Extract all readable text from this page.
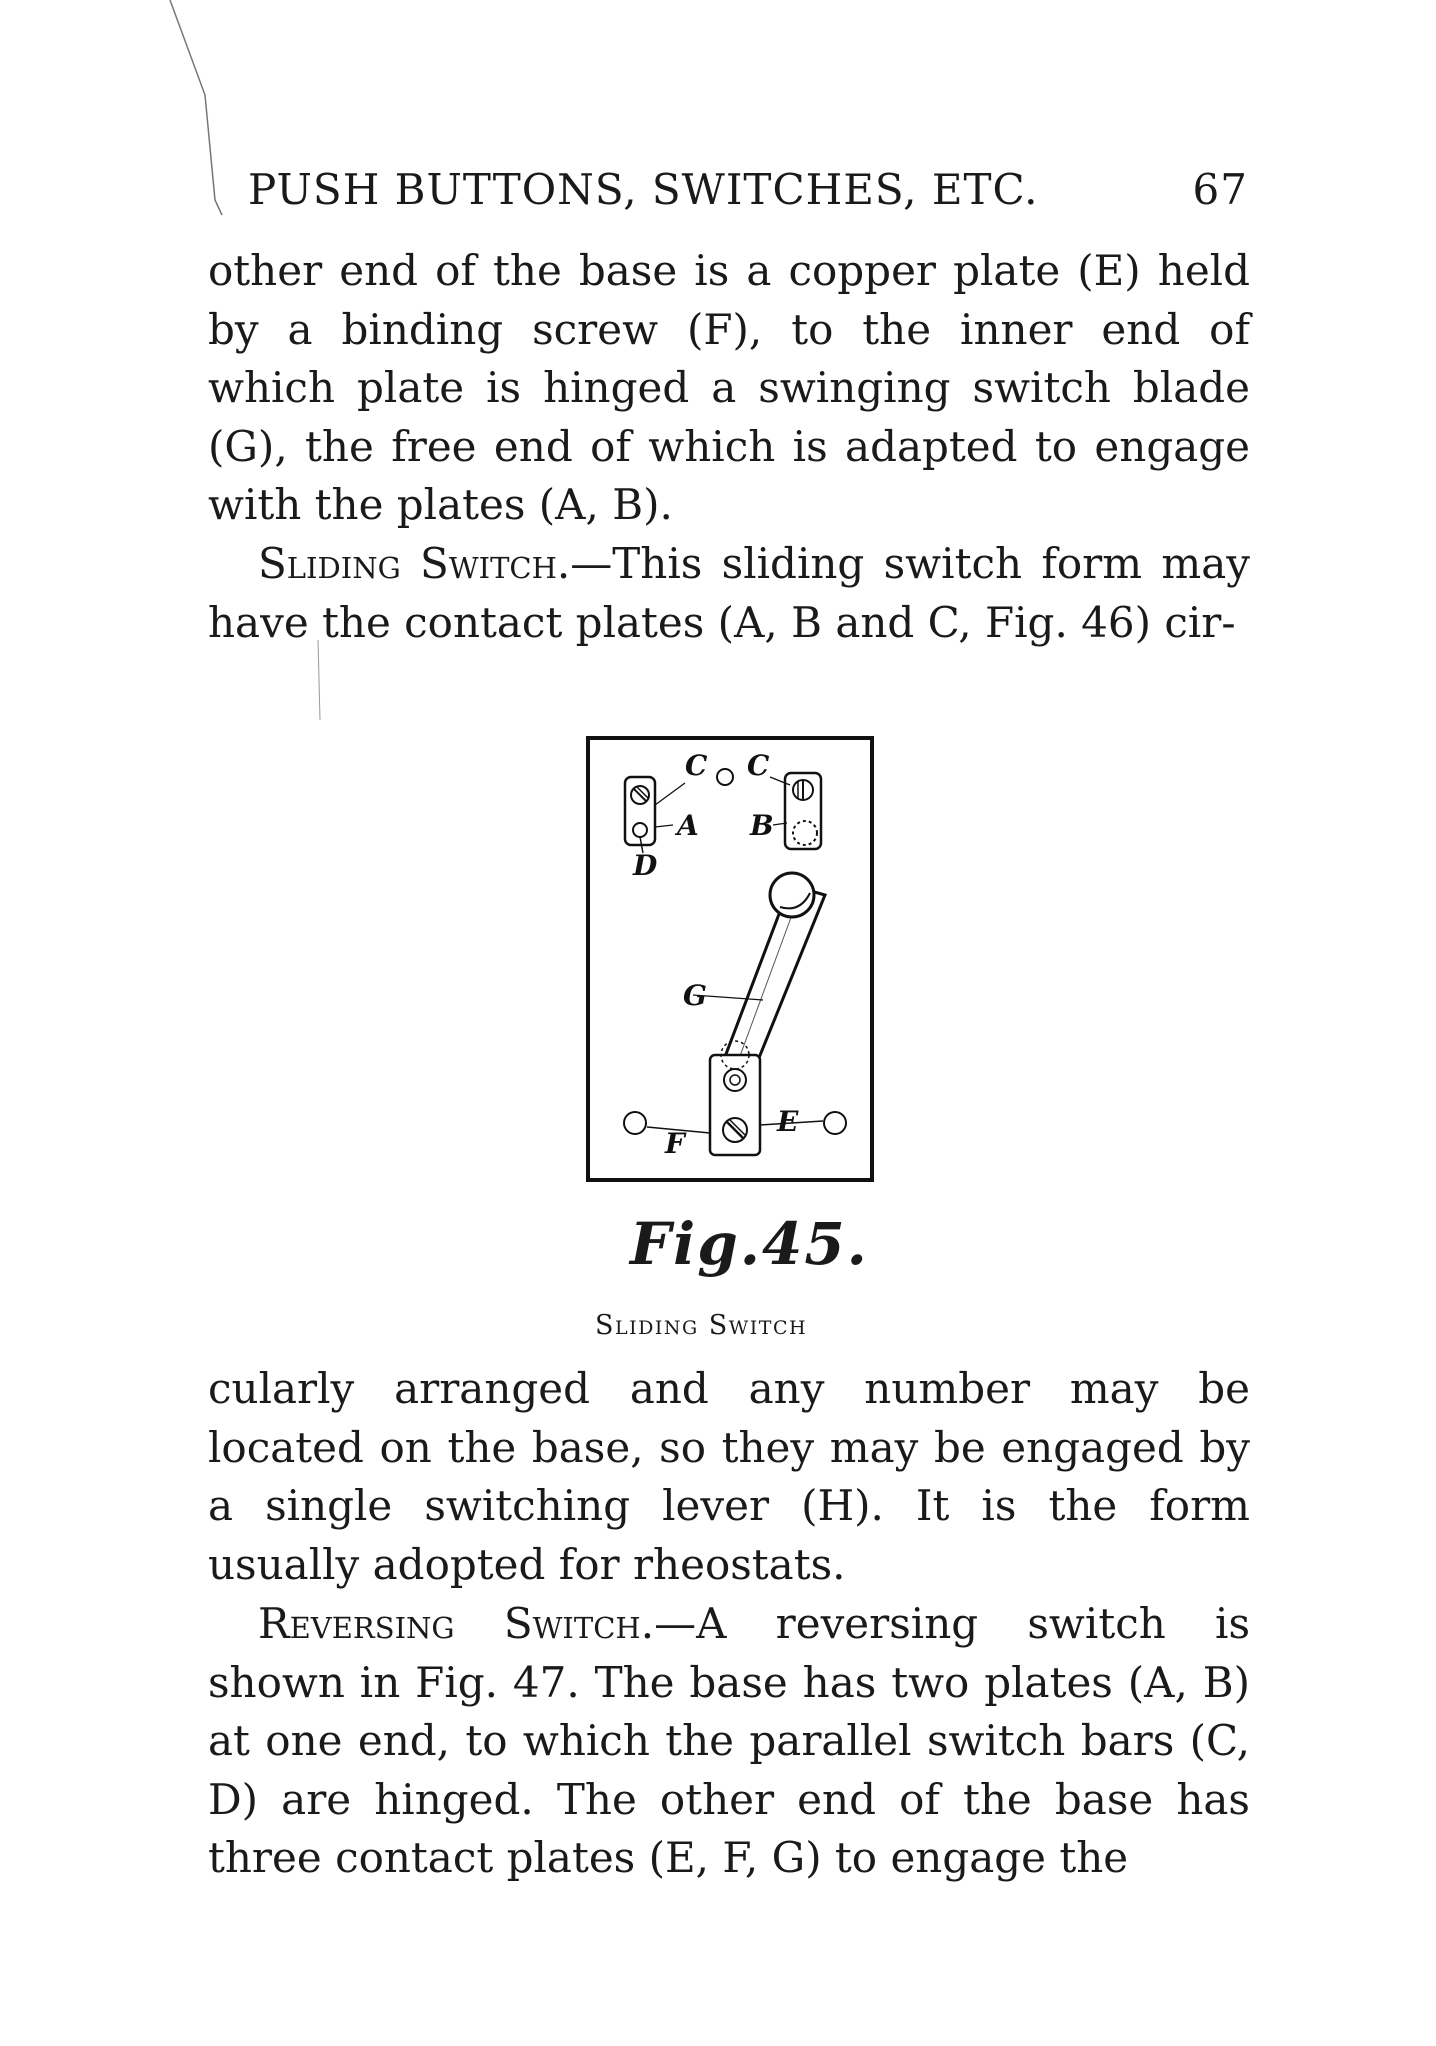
PUSH BUTTONS, SWITCHES, ETC.	67

other end of the base is a copper plate (E) held by a binding screw (F), to the inner end of which plate is hinged a swinging switch blade (G), the free end of which is adapted to engage with the plates (A, B).

Sliding Switch.—This sliding switch form may have the contact plates (A, B and C, Fig. 46) cir-

C C
A B
D
G
F
E
Fig.45.
Sliding Switch

cularly arranged and any number may be located on the base, so they may be engaged by a single switching lever (H). It is the form usually adopted for rheostats.

Reversing Switch.—A reversing switch is shown in Fig. 47. The base has two plates (A, B) at one end, to which the parallel switch bars (C, D) are hinged. The other end of the base has three contact plates (E, F, G) to engage the
